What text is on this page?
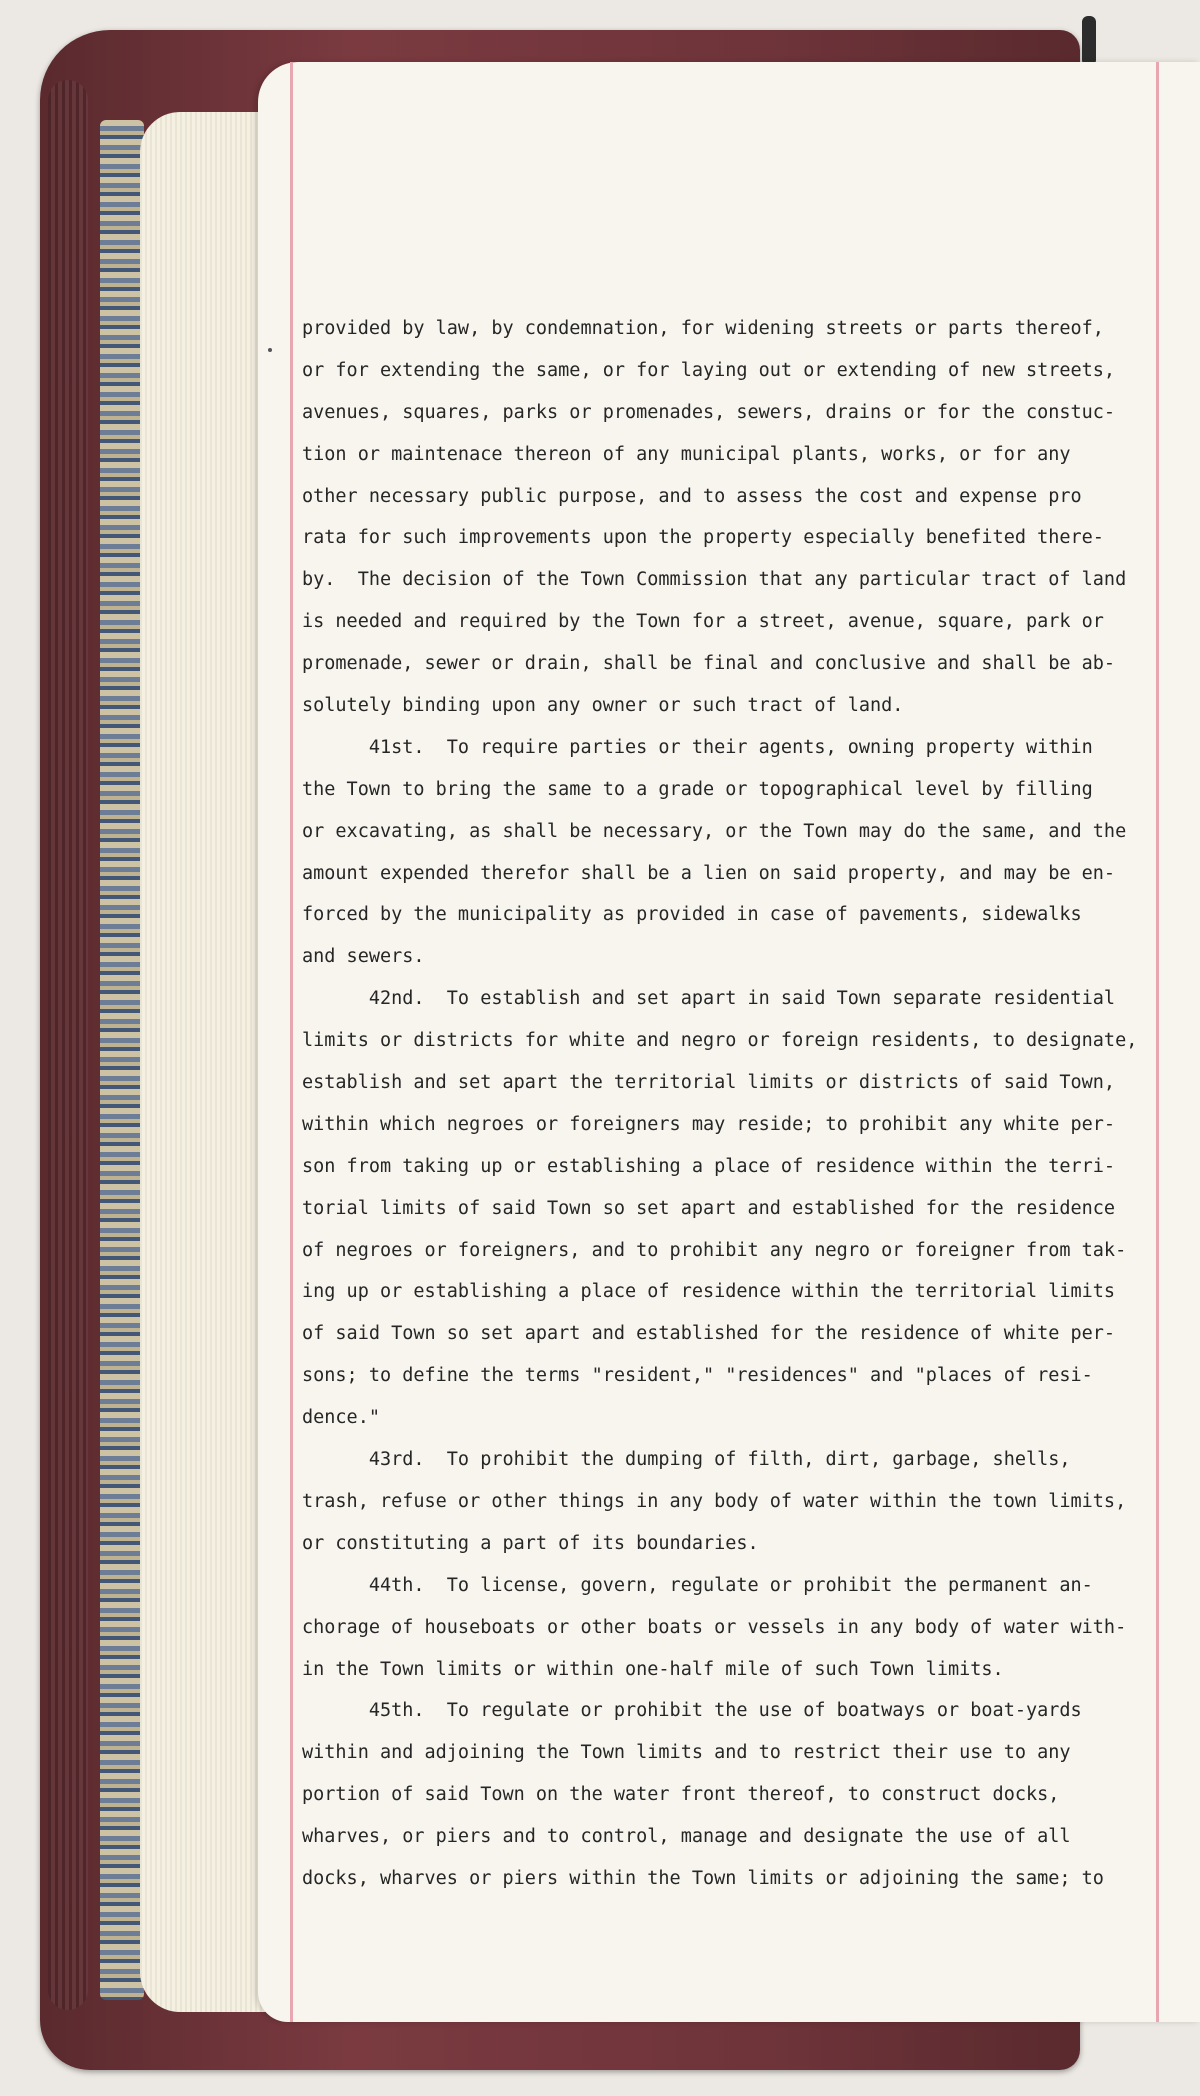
provided by law, by condemnation, for widening streets or parts thereof,
or for extending the same, or for laying out or extending of new streets,
avenues, squares, parks or promenades, sewers, drains or for the constuc-
tion or maintenace thereon of any municipal plants, works, or for any
other necessary public purpose, and to assess the cost and expense pro
rata for such improvements upon the property especially benefited there-
by.  The decision of the Town Commission that any particular tract of land
is needed and required by the Town for a street, avenue, square, park or
promenade, sewer or drain, shall be final and conclusive and shall be ab-
solutely binding upon any owner or such tract of land.
41st.  To require parties or their agents, owning property within
the Town to bring the same to a grade or topographical level by filling
or excavating, as shall be necessary, or the Town may do the same, and the
amount expended therefor shall be a lien on said property, and may be en-
forced by the municipality as provided in case of pavements, sidewalks
and sewers.
42nd.  To establish and set apart in said Town separate residential
limits or districts for white and negro or foreign residents, to designate,
establish and set apart the territorial limits or districts of said Town,
within which negroes or foreigners may reside; to prohibit any white per-
son from taking up or establishing a place of residence within the terri-
torial limits of said Town so set apart and established for the residence
of negroes or foreigners, and to prohibit any negro or foreigner from tak-
ing up or establishing a place of residence within the territorial limits
of said Town so set apart and established for the residence of white per-
sons; to define the terms "resident," "residences" and "places of resi-
dence."
43rd.  To prohibit the dumping of filth, dirt, garbage, shells,
trash, refuse or other things in any body of water within the town limits,
or constituting a part of its boundaries.
44th.  To license, govern, regulate or prohibit the permanent an-
chorage of houseboats or other boats or vessels in any body of water with-
in the Town limits or within one-half mile of such Town limits.
45th.  To regulate or prohibit the use of boatways or boat-yards
within and adjoining the Town limits and to restrict their use to any
portion of said Town on the water front thereof, to construct docks,
wharves, or piers and to control, manage and designate the use of all
docks, wharves or piers within the Town limits or adjoining the same; to
